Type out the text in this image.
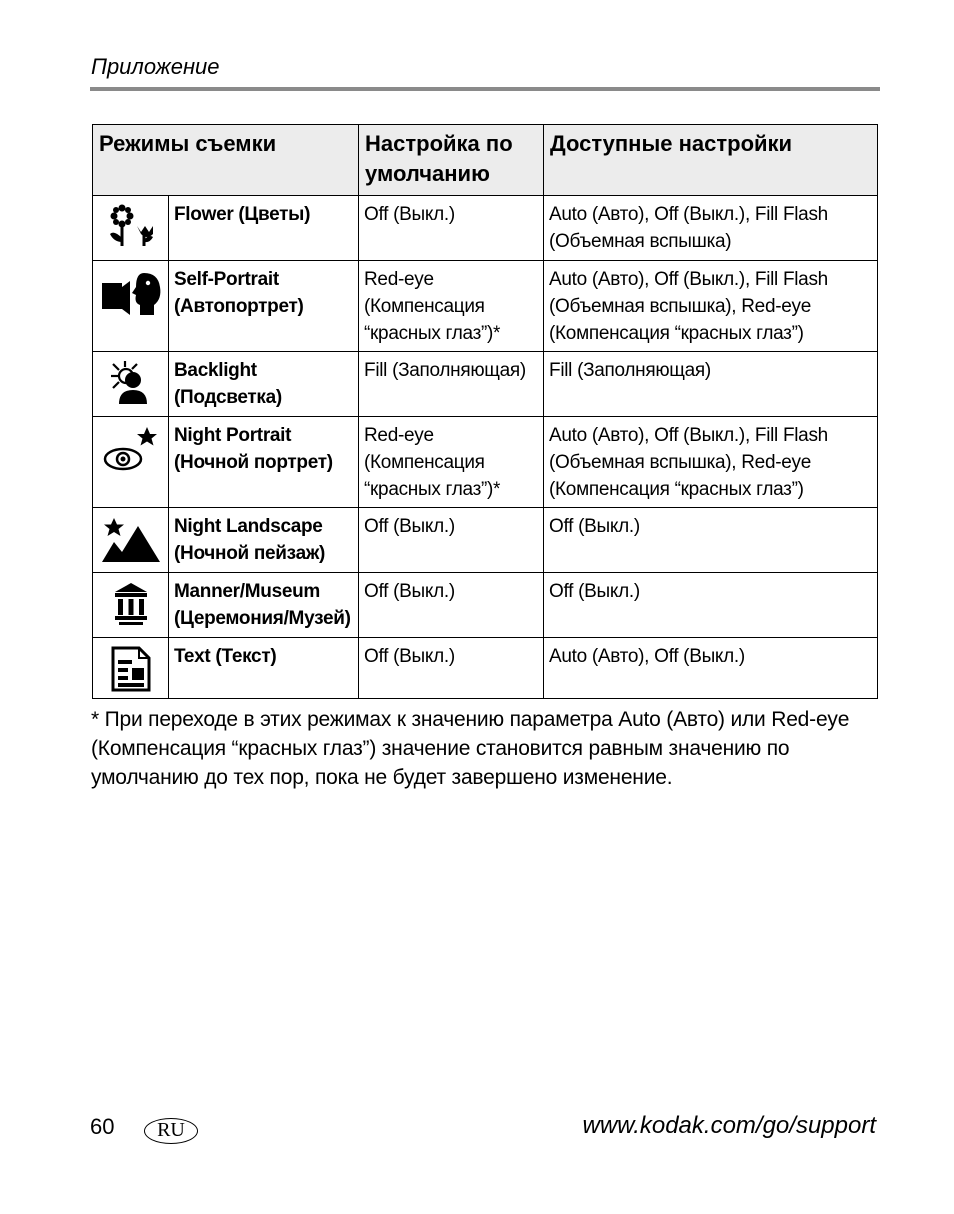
Приложение
Режимы съемки		Настройка по умолчанию	Доступные настройки

	Flower (Цветы)	Off (Выкл.)	Auto (Авто), Off (Выкл.), Fill Flash (Объемная вспышка)

	Self-Portrait (Автопортрет)	Red-eye (Компенсация “красных глаз”)*	Auto (Авто), Off (Выкл.), Fill Flash (Объемная вспышка), Red-eye (Компенсация “красных глаз”)

	Backlight (Подсветка)	Fill (Заполняющая)	Fill (Заполняющая)

	Night Portrait (Ночной портрет)	Red-eye (Компенсация “красных глаз”)*	Auto (Авто), Off (Выкл.), Fill Flash (Объемная вспышка), Red-eye (Компенсация “красных глаз”)

	Night Landscape (Ночной пейзаж)	Off (Выкл.)	Off (Выкл.)

	Manner/Museum (Церемония/Музей)	Off (Выкл.)	Off (Выкл.)

	Text (Текст)	Off (Выкл.)	Auto (Авто), Off (Выкл.)
* При переходе в этих режимах к значению параметра Auto (Авто) или Red-eye (Компенсация “красных глаз”) значение становится равным значению по умолчанию до тех пор, пока не будет завершено изменение.
60	RU	www.kodak.com/go/support
